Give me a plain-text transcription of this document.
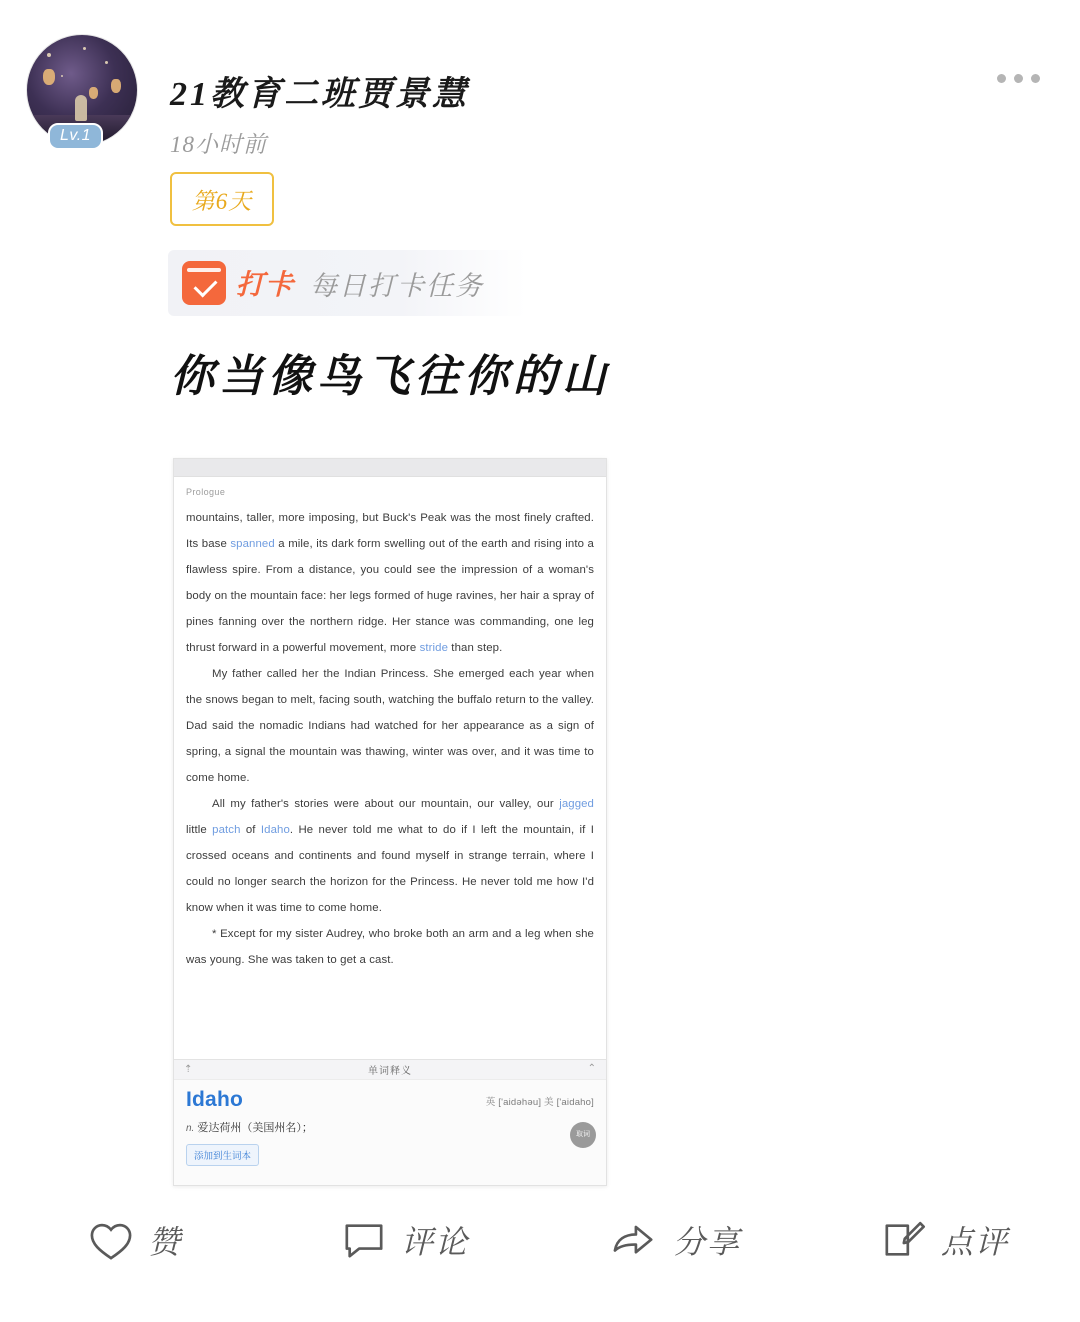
Lv.1
21教育二班贾景慧
18小时前
第6天
打卡 每日打卡任务
你当像鸟飞往你的山
Prologue
mountains, taller, more imposing, but Buck's Peak was the most finely crafted. Its base spanned a mile, its dark form swelling out of the earth and rising into a flawless spire. From a distance, you could see the impression of a woman's body on the mountain face: her legs formed of huge ravines, her hair a spray of pines fanning over the northern ridge. Her stance was commanding, one leg thrust forward in a powerful movement, more stride than step.
My father called her the Indian Princess. She emerged each year when the snows began to melt, facing south, watching the buffalo return to the valley. Dad said the nomadic Indians had watched for her appearance as a sign of spring, a signal the mountain was thawing, winter was over, and it was time to come home.
All my father's stories were about our mountain, our valley, our jagged little patch of Idaho. He never told me what to do if I left the mountain, if I crossed oceans and continents and found myself in strange terrain, where I could no longer search the horizon for the Princess. He never told me how I'd know when it was time to come home.
* Except for my sister Audrey, who broke both an arm and a leg when she was young. She was taken to get a cast.
⇡	单词释义	⌃
Idaho	英 ['aidəhəu] 美 ['aidaho]
n. 爱达荷州（美国州名）；
添加到生词本
取词
赞	评论	分享	点评
